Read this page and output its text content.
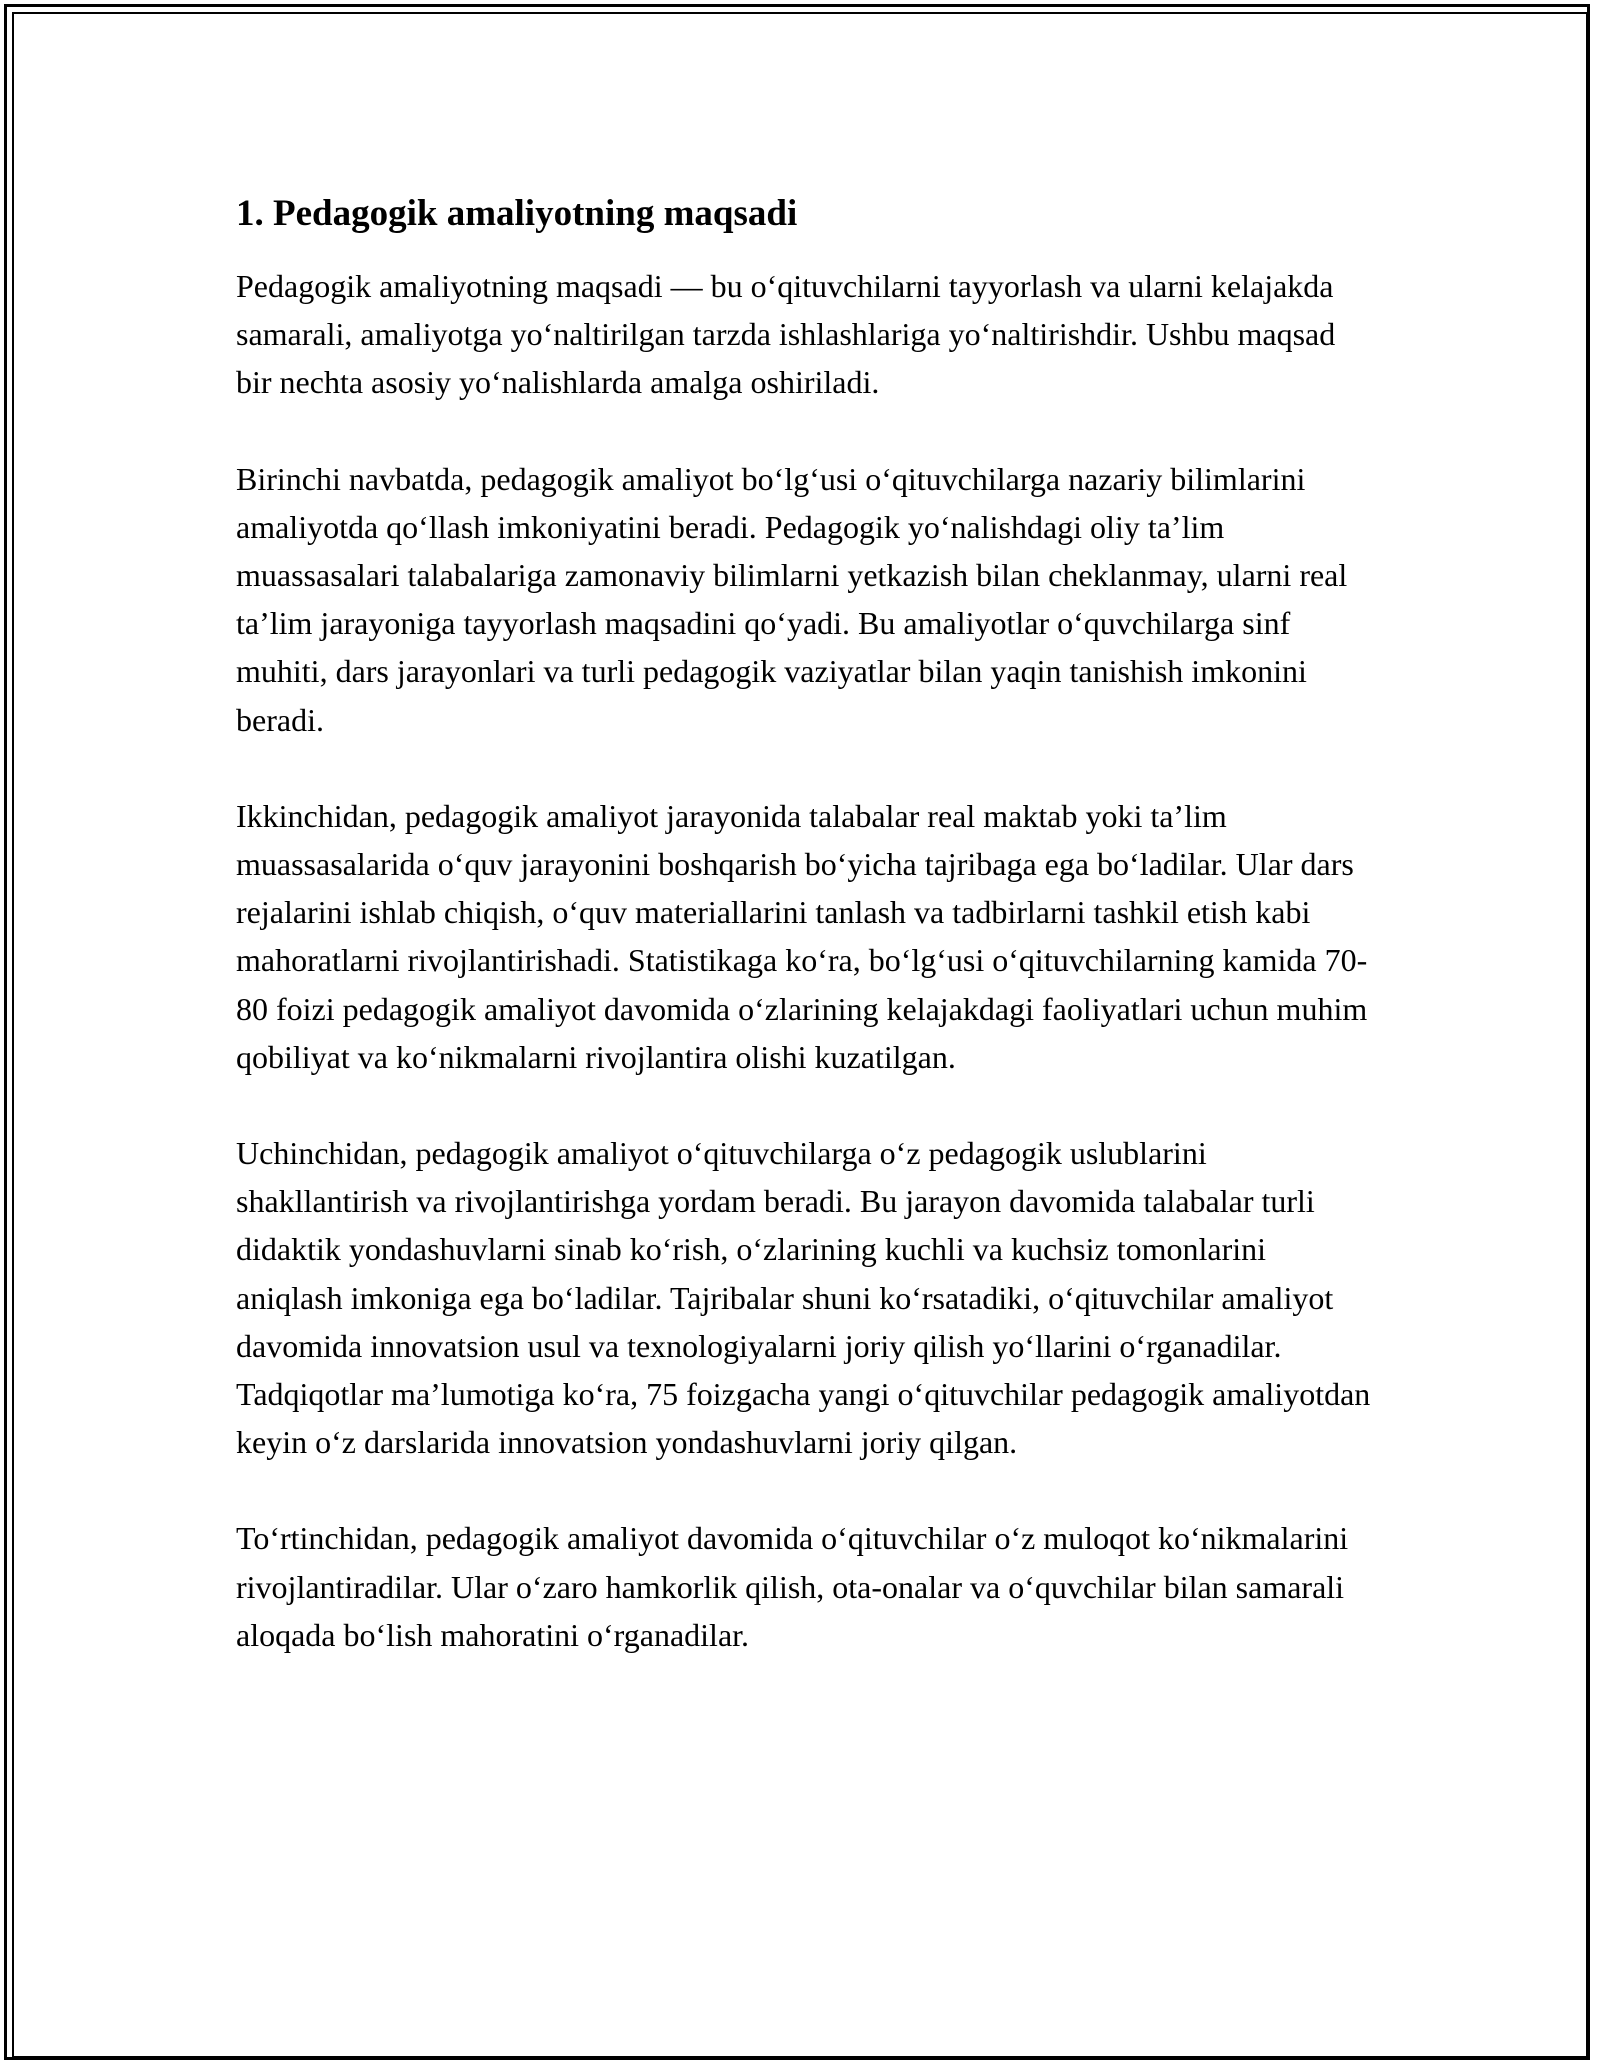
1. Pedagogik amaliyotning maqsadi

Pedagogik amaliyotning maqsadi — bu oʻqituvchilarni tayyorlash va ularni kelajakda samarali, amaliyotga yoʻnaltirilgan tarzda ishlashlariga yoʻnaltirishdir. Ushbu maqsad bir nechta asosiy yoʻnalishlarda amalga oshiriladi.

Birinchi navbatda, pedagogik amaliyot boʻlgʻusi oʻqituvchilarga nazariy bilimlarini amaliyotda qoʻllash imkoniyatini beradi. Pedagogik yoʻnalishdagi oliy taʼlim muassasalari talabalariga zamonaviy bilimlarni yetkazish bilan cheklanmay, ularni real taʼlim jarayoniga tayyorlash maqsadini qoʻyadi. Bu amaliyotlar oʻquvchilarga sinf muhiti, dars jarayonlari va turli pedagogik vaziyatlar bilan yaqin tanishish imkonini beradi.

Ikkinchidan, pedagogik amaliyot jarayonida talabalar real maktab yoki taʼlim muassasalarida oʻquv jarayonini boshqarish boʻyicha tajribaga ega boʻladilar. Ular dars rejalarini ishlab chiqish, oʻquv materiallarini tanlash va tadbirlarni tashkil etish kabi mahoratlarni rivojlantirishadi. Statistikaga koʻra, boʻlgʻusi oʻqituvchilarning kamida 70-80 foizi pedagogik amaliyot davomida oʻzlarining kelajakdagi faoliyatlari uchun muhim qobiliyat va koʻnikmalarni rivojlantira olishi kuzatilgan.

Uchinchidan, pedagogik amaliyot oʻqituvchilarga oʻz pedagogik uslublarini shakllantirish va rivojlantirishga yordam beradi. Bu jarayon davomida talabalar turli didaktik yondashuvlarni sinab koʻrish, oʻzlarining kuchli va kuchsiz tomonlarini aniqlash imkoniga ega boʻladilar. Tajribalar shuni koʻrsatadiki, oʻqituvchilar amaliyot davomida innovatsion usul va texnologiyalarni joriy qilish yoʻllarini oʻrganadilar. Tadqiqotlar maʼlumotiga koʻra, 75 foizgacha yangi oʻqituvchilar pedagogik amaliyotdan keyin oʻz darslarida innovatsion yondashuvlarni joriy qilgan.

Toʻrtinchidan, pedagogik amaliyot davomida oʻqituvchilar oʻz muloqot koʻnikmalarini rivojlantiradilar. Ular oʻzaro hamkorlik qilish, ota-onalar va oʻquvchilar bilan samarali aloqada boʻlish mahoratini oʻrganadilar.
